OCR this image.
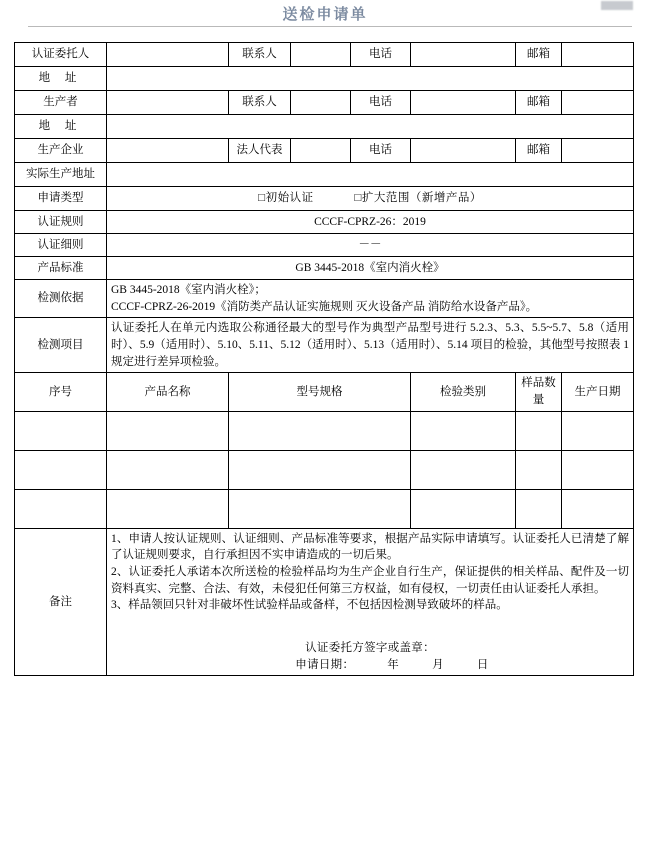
送检申请单
认证委托人		联系人		电话		邮箱	
地 址							
生产者		联系人		电话		邮箱	
地 址							
生产企业		法人代表		电话		邮箱	
实际生产地址							
申请类型	□初始认证 □扩大范围（新增产品）						
认证规则	CCCF-CPRZ-26：2019						
认证细则	－－						
产品标准	GB 3445-2018《室内消火栓》						
检测依据	GB 3445-2018《室内消火栓》；
CCCF-CPRZ-26-2019《消防类产品认证实施规则 灭火设备产品 消防给水设备产品》。						

检测项目	认证委托人在单元内选取公称通径最大的型号作为典型产品型号进行 5.2.3、5.3、5.5~5.7、5.8（适用时）、5.9（适用时）、5.10、5.11、5.12（适用时）、5.13（适用时）、5.14 项目的检验，其他型号按照表 1 规定进行差异项检验。						
序号	产品名称	型号规格			检验类别	样品数量	生产日期

备注	1、申请人按认证规则、认证细则、产品标准等要求，根据产品实际申请填写。认证委托人已清楚了解了认证规则要求，自行承担因不实申请造成的一切后果。

2、认证委托人承诺本次所送检的检验样品均为生产企业自行生产，保证提供的相关样品、配件及一切资料真实、完整、合法、有效，未侵犯任何第三方权益，如有侵权，一切责任由认证委托人承担。

3、样品领回只针对非破坏性试验样品或备样，不包括因检测导致破坏的样品。

认证委托方签字或盖章：
申请日期： 年 月 日						
